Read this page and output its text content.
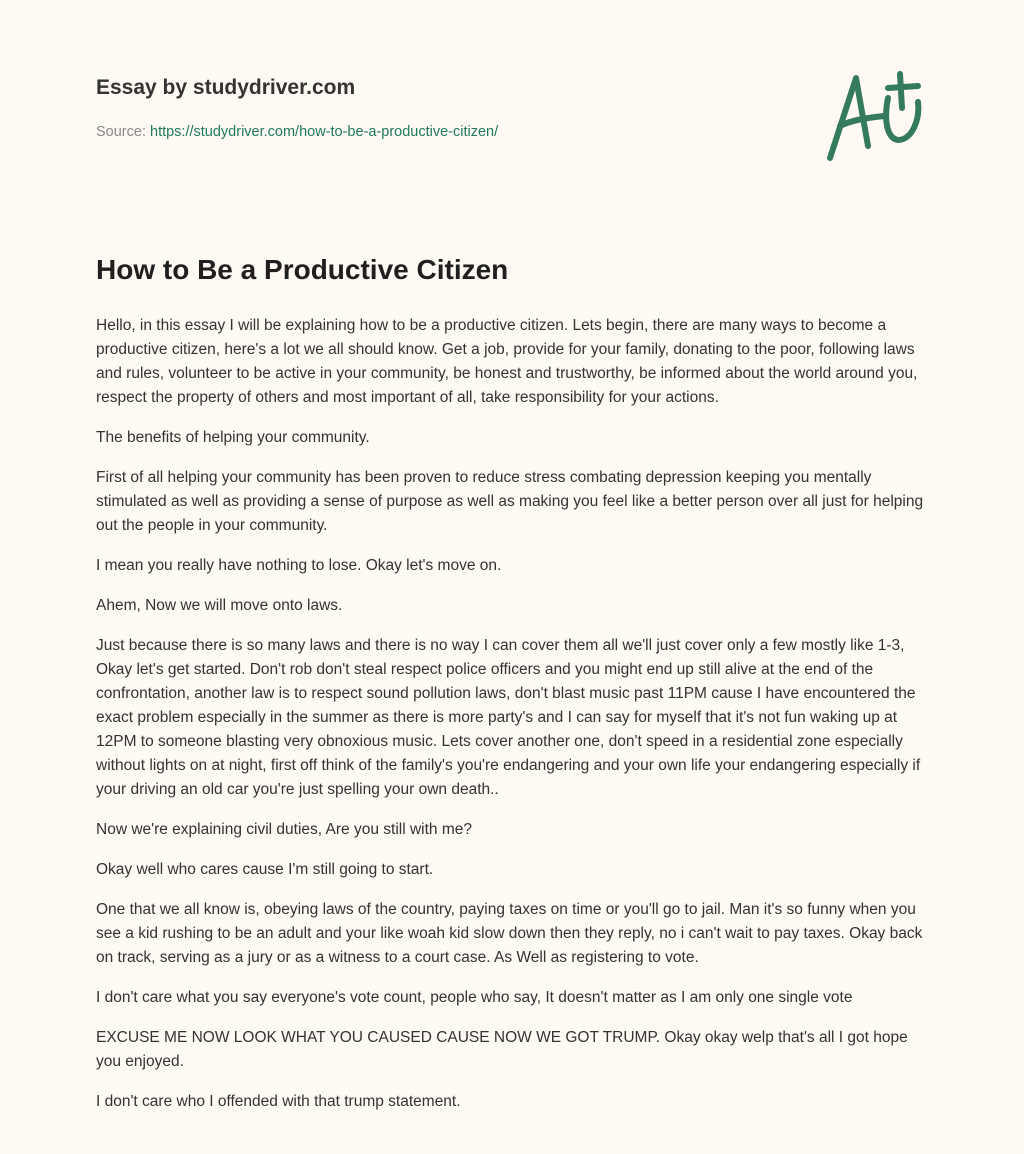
Essay by studydriver.com
Source: https://studydriver.com/how-to-be-a-productive-citizen/
How to Be a Productive Citizen

Hello, in this essay I will be explaining how to be a productive citizen. Lets begin, there are many ways to become a productive citizen, here's a lot we all should know. Get a job, provide for your family, donating to the poor, following laws and rules, volunteer to be active in your community, be honest and trustworthy, be informed about the world around you, respect the property of others and most important of all, take responsibility for your actions.

The benefits of helping your community.

First of all helping your community has been proven to reduce stress combating depression keeping you mentally stimulated as well as providing a sense of purpose as well as making you feel like a better person over all just for helping out the people in your community.

I mean you really have nothing to lose. Okay let's move on.

Ahem, Now we will move onto laws.

Just because there is so many laws and there is no way I can cover them all we'll just cover only a few mostly like 1-3, Okay let's get started. Don't rob don't steal respect police officers and you might end up still alive at the end of the confrontation, another law is to respect sound pollution laws, don't blast music past 11PM cause I have encountered the exact problem especially in the summer as there is more party's and I can say for myself that it's not fun waking up at 12PM to someone blasting very obnoxious music. Lets cover another one, don't speed in a residential zone especially without lights on at night, first off think of the family's you're endangering and your own life your endangering especially if your driving an old car you're just spelling your own death..

Now we're explaining civil duties, Are you still with me?

Okay well who cares cause I'm still going to start.

One that we all know is, obeying laws of the country, paying taxes on time or you'll go to jail. Man it's so funny when you see a kid rushing to be an adult and your like woah kid slow down then they reply, no i can't wait to pay taxes. Okay back on track, serving as a jury or as a witness to a court case. As Well as registering to vote.

I don't care what you say everyone's vote count, people who say, It doesn't matter as I am only one single vote

EXCUSE ME NOW LOOK WHAT YOU CAUSED CAUSE NOW WE GOT TRUMP. Okay okay welp that's all I got hope you enjoyed.

I don't care who I offended with that trump statement.
